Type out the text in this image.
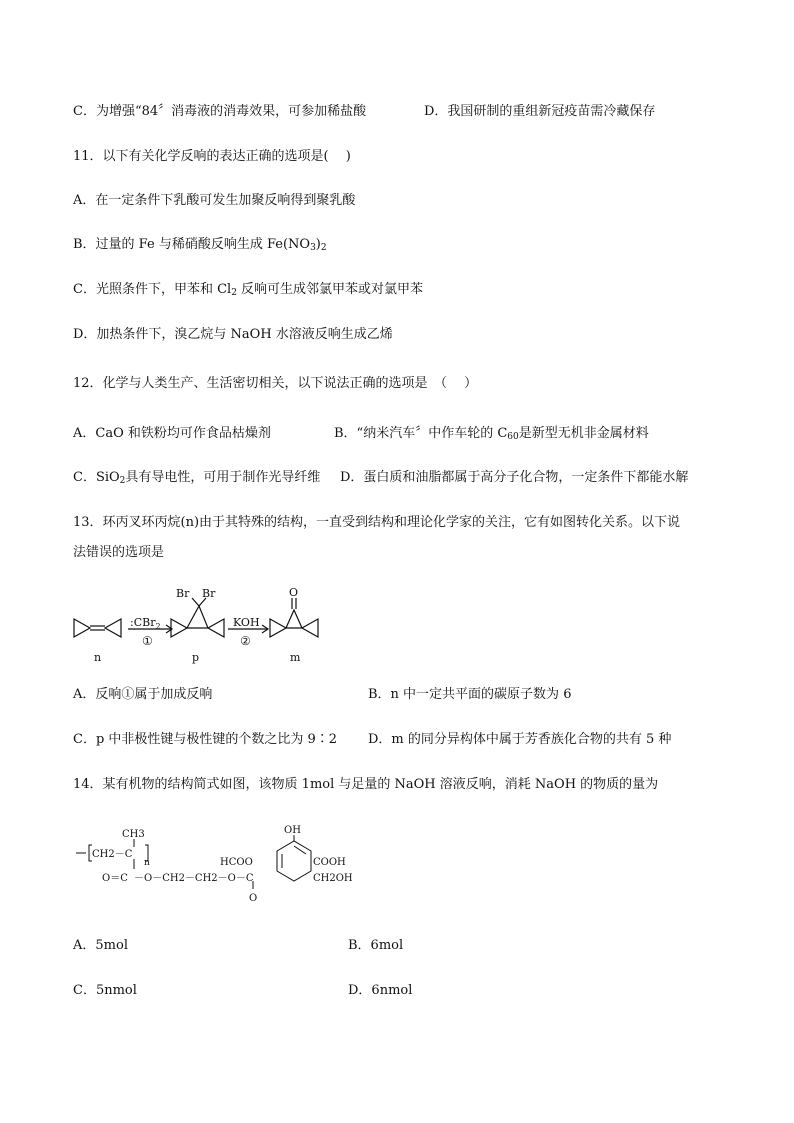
C．为增强“84〞消毒液的消毒效果，可参加稀盐酸	D．我国研制的重组新冠疫苗需冷藏保存
11．以下有关化学反响的表达正确的选项是(　 )
A．在一定条件下乳酸可发生加聚反响得到聚乳酸
B．过量的 Fe 与稀硝酸反响生成 $Fe(NO_3)_2$
C．光照条件下，甲苯和 $Cl_2$ 反响可生成邻氯甲苯或对氯甲苯
D．加热条件下，溴乙烷与 NaOH 水溶液反响生成乙烯
12．化学与人类生产、生活密切相关，以下说法正确的选项是　（　 ）
A．CaO 和铁粉均可作食品枯燥剂	B．“纳米汽车〞中作车轮的 $C_{60}$是新型无机非金属材料
C．SiO$_2$具有导电性，可用于制作光导纤维 D．蛋白质和油脂都属于高分子化合物，一定条件下都能水解
13．环丙叉环丙烷(n)由于其特殊的结构，一直受到结构和理论化学家的关注，它有如图转化关系。以下说
法错误的选项是
Br Br	O
:CBr$_2$
①
KOH
②
n	p	m
A．反响①属于加成反响	B．n 中一定共平面的碳原子数为 6
C．p 中非极性键与极性键的个数之比为 9∶2 D．m 的同分异构体中属于芳香族化合物的共有 5 种
14．某有机物的结构简式如图，该物质 1mol 与足量的 NaOH 溶液反响，消耗 NaOH 的物质的量为
CH3
CH2－C
n
O＝C －O－CH2－CH2－O－C
O
HCOO
OH
COOH
CH2OH
A．5mol	B．6mol
C．5nmol	D．6nmol
